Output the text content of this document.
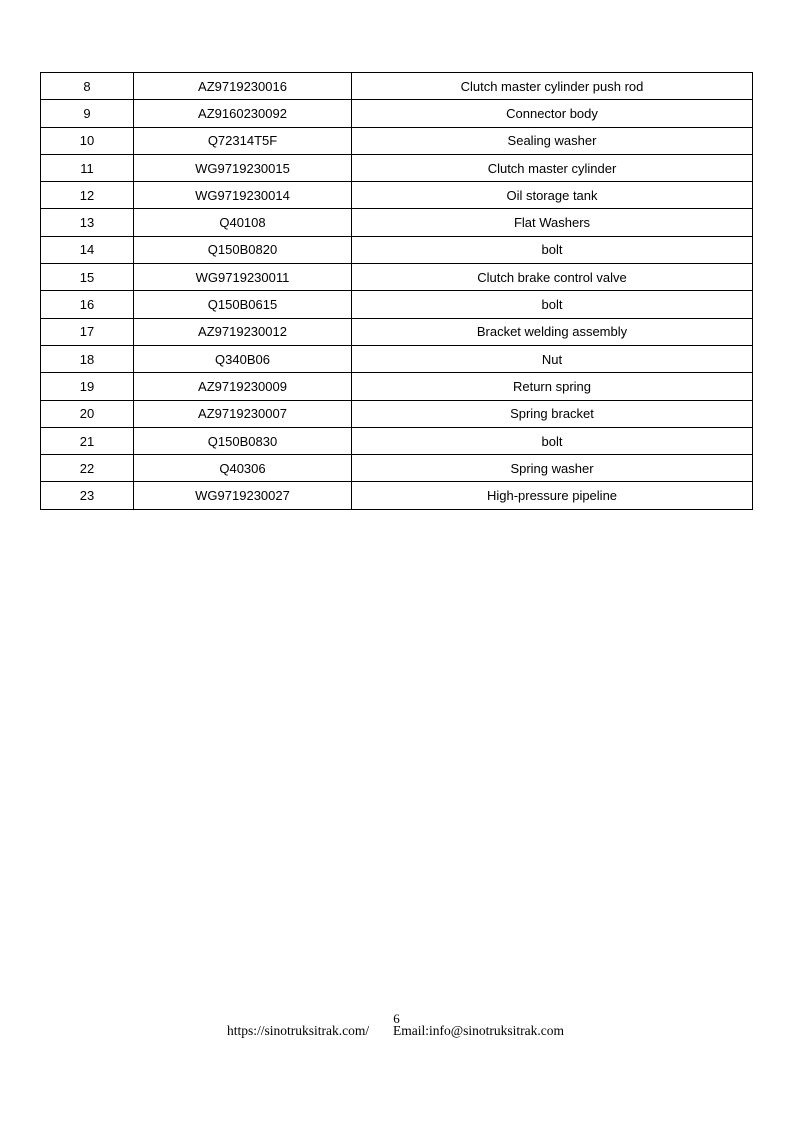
8	AZ9719230016	Clutch master cylinder push rod
9	AZ9160230092	Connector body
10	Q72314T5F	Sealing washer
11	WG9719230015	Clutch master cylinder
12	WG9719230014	Oil storage tank
13	Q40108	Flat Washers
14	Q150B0820	bolt
15	WG9719230011	Clutch brake control valve
16	Q150B0615	bolt
17	AZ9719230012	Bracket welding assembly
18	Q340B06	Nut
19	AZ9719230009	Return spring
20	AZ9719230007	Spring bracket
21	Q150B0830	bolt
22	Q40306	Spring washer
23	WG9719230027	High-pressure pipeline
6
https://sinotruksitrak.com/ Email:info@sinotruksitrak.com
